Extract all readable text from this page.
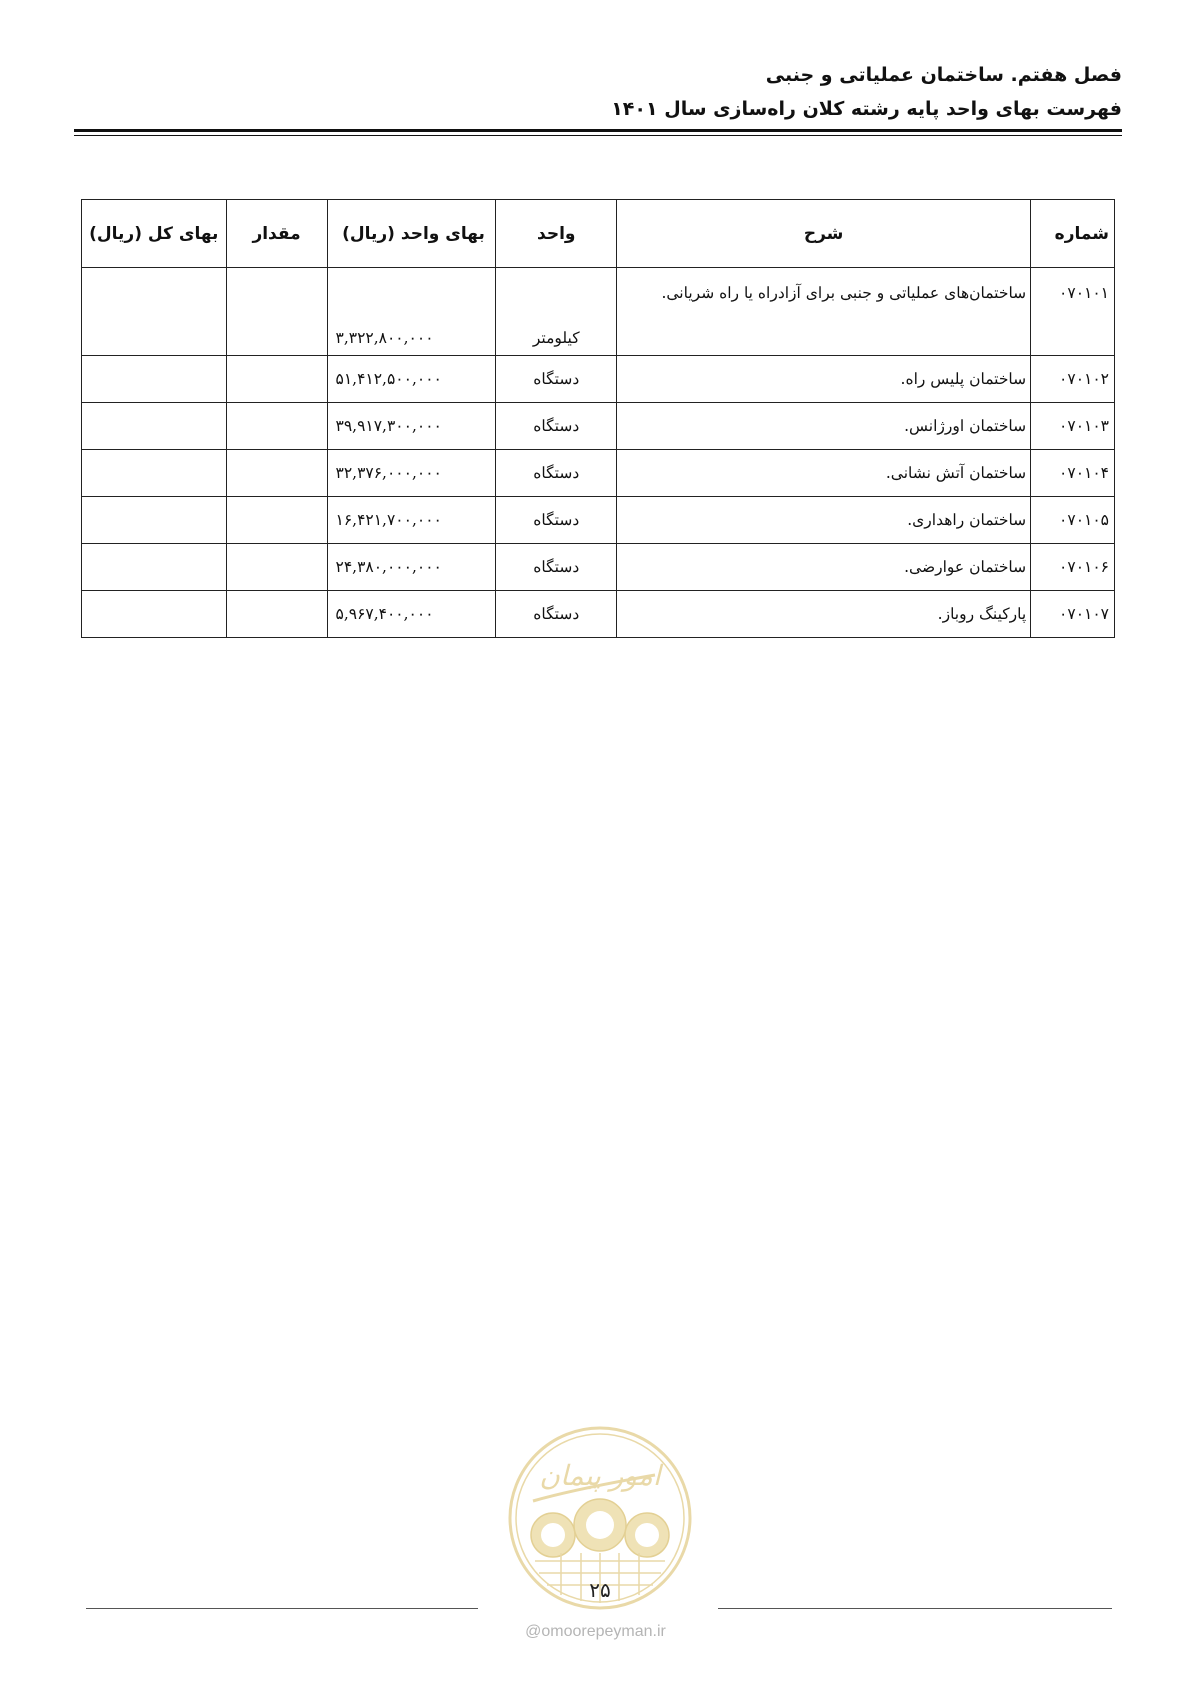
فصل هفتم. ساختمان عملیاتی و جنبی
فهرست بهای واحد پایه رشته کلان راه‌سازی سال ۱۴۰۱
شماره	شرح	واحد	بهای واحد (ریال)	مقدار	بهای کل (ریال)
۰۷۰۱۰۱	ساختمان‌های عملیاتی و جنبی برای آزادراه یا راه شریانی.	کیلومتر	۳,۳۲۲,۸۰۰,۰۰۰		
۰۷۰۱۰۲	ساختمان پلیس راه.	دستگاه	۵۱,۴۱۲,۵۰۰,۰۰۰		
۰۷۰۱۰۳	ساختمان اورژانس.	دستگاه	۳۹,۹۱۷,۳۰۰,۰۰۰		
۰۷۰۱۰۴	ساختمان آتش نشانی.	دستگاه	۳۲,۳۷۶,۰۰۰,۰۰۰		
۰۷۰۱۰۵	ساختمان راهداری.	دستگاه	۱۶,۴۲۱,۷۰۰,۰۰۰		
۰۷۰۱۰۶	ساختمان عوارضی.	دستگاه	۲۴,۳۸۰,۰۰۰,۰۰۰		
۰۷۰۱۰۷	پارکینگ روباز.	دستگاه	۵,۹۶۷,۴۰۰,۰۰۰		
امور پیمان
۲۵
@omoorepeyman.ir
